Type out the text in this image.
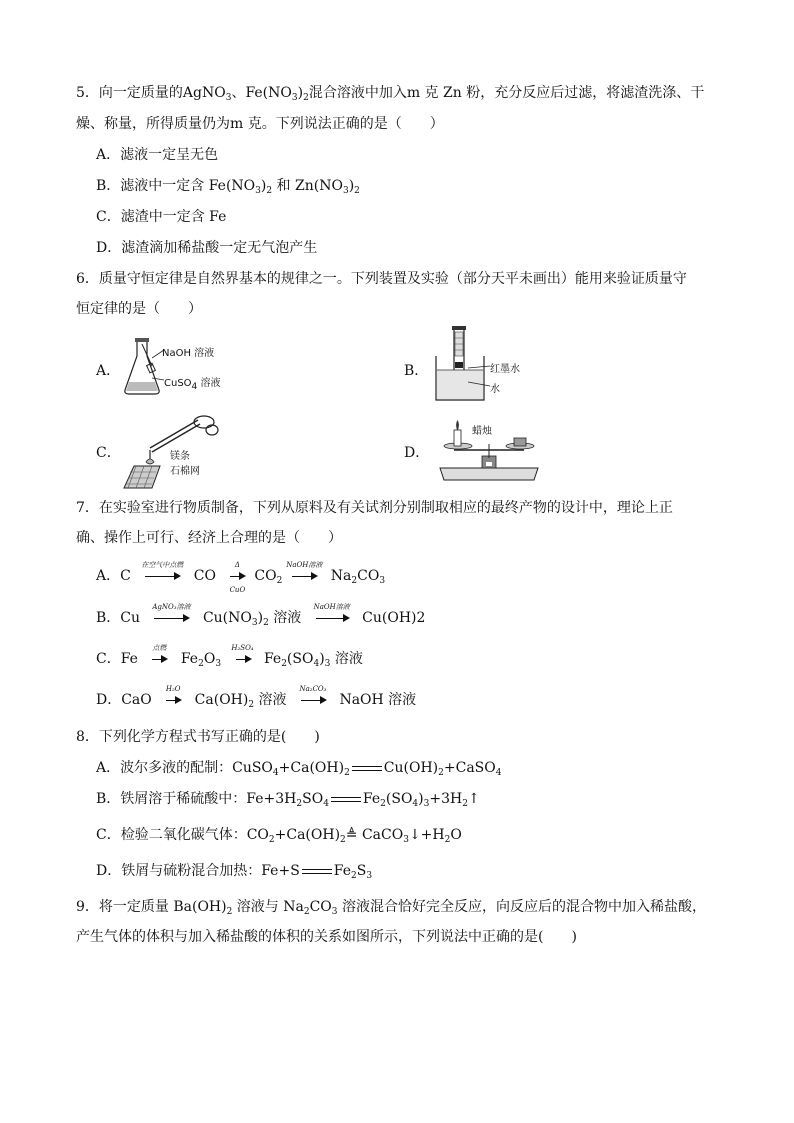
5．向一定质量的AgNO$_3$、$Fe(NO_3)_2$混合溶液中加入m 克 Zn 粉，充分反应后过滤，将滤渣洗涤、干
燥、称量，所得质量仍为m 克。下列说法正确的是（　　）
A．滤液一定呈无色
B．滤液中一定含 $Fe(NO_3)_2$ 和 $Zn(NO_3)_2$
C．滤渣中一定含 Fe
D．滤渣滴加稀盐酸一定无气泡产生
6．质量守恒定律是自然界基本的规律之一。下列装置及实验（部分天平未画出）能用来验证质量守
恒定律的是（　　）
A．
NaOH 溶液
CuSO$_4$ 溶液
B．	红墨水
水
C．	镁条
石棉网
D．
蜡烛
7．在实验室进行物质制备，下列从原料及有关试剂分别制取相应的最终产物的设计中，理论上正
确、操作上可行、经济上合理的是（　　）
A．C
在空气中点燃
CO
Δ
CuO
$CO_2$
NaOH溶液
$Na_2CO_3$
B．Cu
AgNO₃溶液
$Cu(NO_3)_2$ 溶液
NaOH溶液
Cu(OH)2
C．Fe
点燃
$Fe_2O_3$
H₂SO₄
$Fe_2(SO_4)_3$ 溶液
D．CaO
H₂O
$Ca(OH)_2$ 溶液
Na₂CO₃
NaOH 溶液
8．下列化学方程式书写正确的是(　　)
A．波尔多液的配制：$CuSO_4+Ca(OH)_2$ $Cu(OH)_2+CaSO_4$
B．铁屑溶于稀硫酸中：$Fe+3H_2SO_4$ $Fe_2(SO_4)_3+3H_2↑$
C．检验二氧化碳气体：$CO_2+Ca(OH)_2≜$ $CaCO_3↓+H_2O$
D．铁屑与硫粉混合加热：Fe+S $Fe_2S_3$
9．将一定质量 $Ba(OH)_2$ 溶液与 $Na_2CO_3$ 溶液混合恰好完全反应，向反应后的混合物中加入稀盐酸，
产生气体的体积与加入稀盐酸的体积的关系如图所示，下列说法中正确的是(　　)
